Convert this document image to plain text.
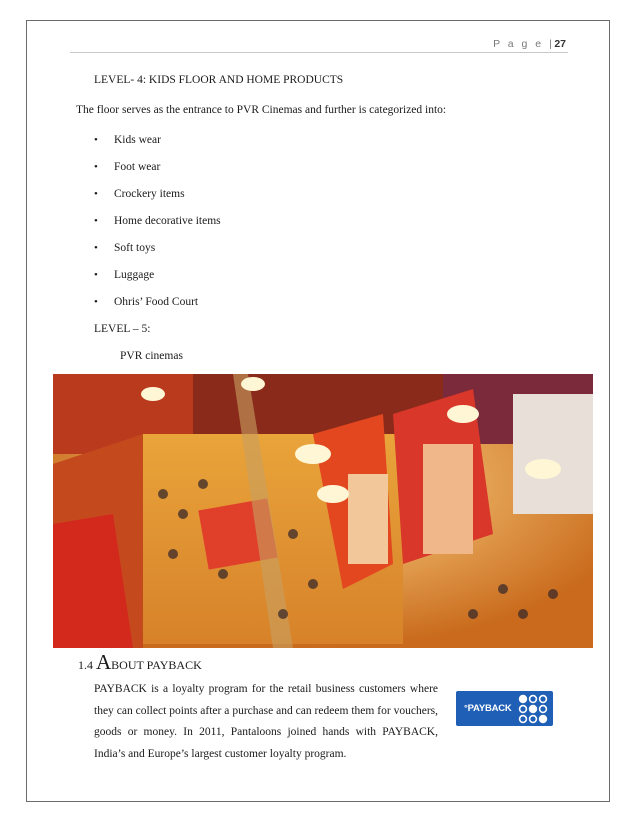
P a g e |27
LEVEL- 4: KIDS FLOOR AND HOME PRODUCTS
The floor serves as the entrance to PVR Cinemas and further is categorized into:
•	Kids wear
•	Foot wear
•	Crockery items
•	Home decorative items
•	Soft toys
•	Luggage
•	Ohris’ Food Court
LEVEL – 5:
PVR cinemas
1.4 ABOUT PAYBACK

PAYBACK is a loyalty program for the retail business customers where they can collect points after a purchase and can redeem them for vouchers, goods or money. In 2011, Pantaloons joined hands with PAYBACK, India’s and Europe’s largest customer loyalty program.

°PAYBACK
